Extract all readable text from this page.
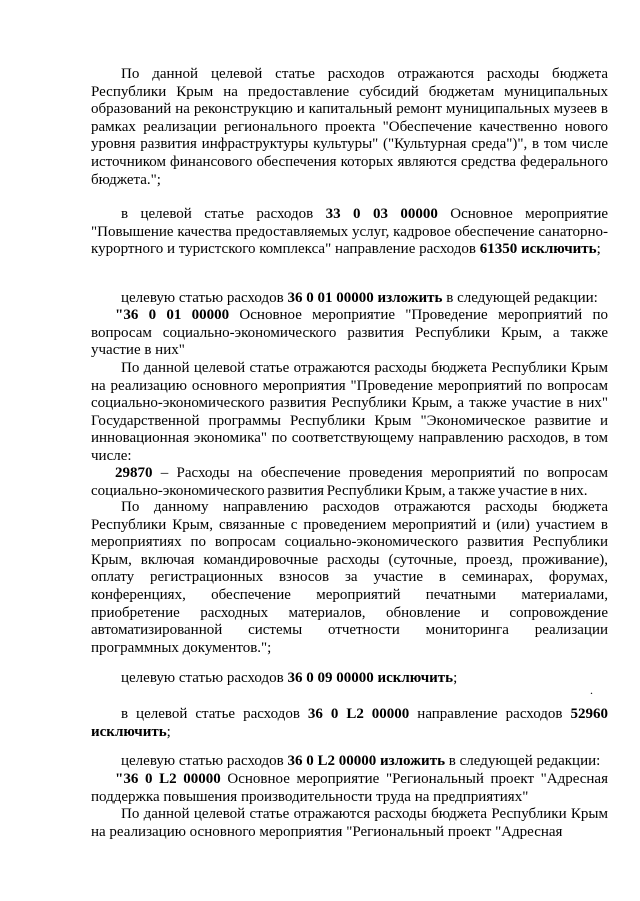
По данной целевой статье расходов отражаются расходы бюджета Республики Крым на предоставление субсидий бюджетам муниципальных образований на реконструкцию и капитальный ремонт муниципальных музеев в рамках реализации регионального проекта "Обеспечение качественно нового уровня развития инфраструктуры культуры" ("Культурная среда")", в том числе источником финансового обеспечения которых являются средства федерального бюджета.";

в целевой статье расходов 33 0 03 00000 Основное мероприятие "Повышение качества предоставляемых услуг, кадровое обеспечение санаторно-курортного и туристского комплекса" направление расходов 61350 исключить;

целевую статью расходов 36 0 01 00000 изложить в следующей редакции:

"36 0 01 00000 Основное мероприятие "Проведение мероприятий по вопросам социально-экономического развития Республики Крым, а также участие в них"

По данной целевой статье отражаются расходы бюджета Республики Крым на реализацию основного мероприятия "Проведение мероприятий по вопросам социально-экономического развития Республики Крым, а также участие в них" Государственной программы Республики Крым "Экономическое развитие и инновационная экономика" по соответствующему направлению расходов, в том числе:

29870 – Расходы на обеспечение проведения мероприятий по вопросам социально-экономического развития Республики Крым, а также участие в них.

По данному направлению расходов отражаются расходы бюджета Республики Крым, связанные с проведением мероприятий и (или) участием в мероприятиях по вопросам социально-экономического развития Республики Крым, включая командировочные расходы (суточные, проезд, проживание), оплату регистрационных взносов за участие в семинарах, форумах, конференциях, обеспечение мероприятий печатными материалами, приобретение расходных материалов, обновление и сопровождение автоматизированной системы отчетности мониторинга реализации программных документов.";

целевую статью расходов 36 0 09 00000 исключить;

.

в целевой статье расходов 36 0 L2 00000 направление расходов 52960 исключить;

целевую статью расходов 36 0 L2 00000 изложить в следующей редакции:

"36 0 L2 00000 Основное мероприятие "Региональный проект "Адресная поддержка повышения производительности труда на предприятиях"

По данной целевой статье отражаются расходы бюджета Республики Крым на реализацию основного мероприятия "Региональный проект "Адресная
